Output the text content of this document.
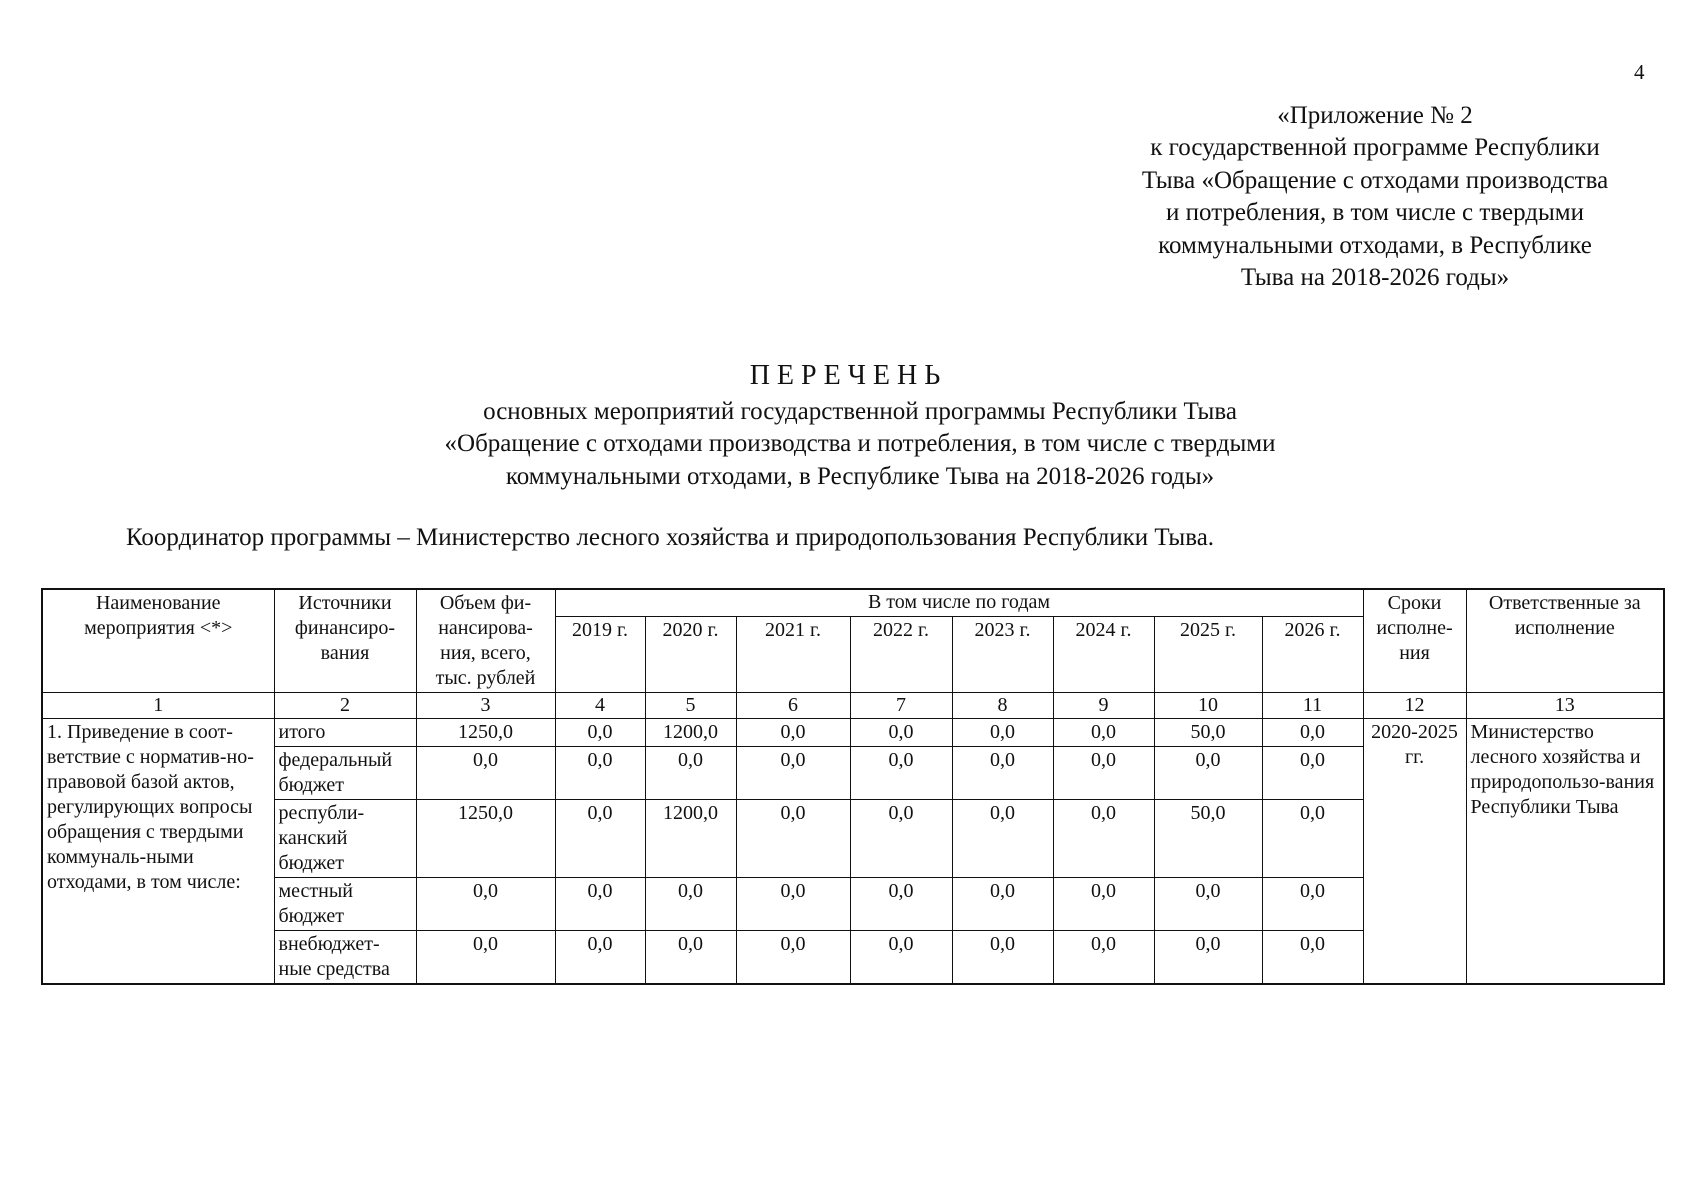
4
«Приложение № 2
к государственной программе Республики
Тыва «Обращение с отходами производства
и потребления, в том числе с твердыми
коммунальными отходами, в Республике
Тыва на 2018-2026 годы»
ПЕРЕЧЕНЬ
основных мероприятий государственной программы Республики Тыва
«Обращение с отходами производства и потребления, в том числе с твердыми
коммунальными отходами, в Республике Тыва на 2018-2026 годы»
Координатор программы – Министерство лесного хозяйства и природопользования Республики Тыва.
Наименование мероприятия <*>	Источники финансиро-вания	Объем фи-нансирова-ния, всего, тыс. рублей	В том числе по годам								Сроки исполне-ния	Ответственные за исполнение
			2019 г.	2020 г.	2021 г.	2022 г.	2023 г.	2024 г.	2025 г.	2026 г.		
1	2	3	4	5	6	7	8	9	10	11	12	13
1. Приведение в соот-ветствие с норматив-но-правовой базой актов, регулирующих вопросы обращения с твердыми коммуналь-ными отходами, в том числе:	итого	1250,0	0,0	1200,0	0,0	0,0	0,0	0,0	50,0	0,0	2020-2025 гг.	Министерство лесного хозяйства и природопользо-вания Республики Тыва
	федеральный бюджет	0,0	0,0	0,0	0,0	0,0	0,0	0,0	0,0	0,0		
	республи-канский бюджет	1250,0	0,0	1200,0	0,0	0,0	0,0	0,0	50,0	0,0		
	местный бюджет	0,0	0,0	0,0	0,0	0,0	0,0	0,0	0,0	0,0		
	внебюджет-ные средства	0,0	0,0	0,0	0,0	0,0	0,0	0,0	0,0	0,0		
